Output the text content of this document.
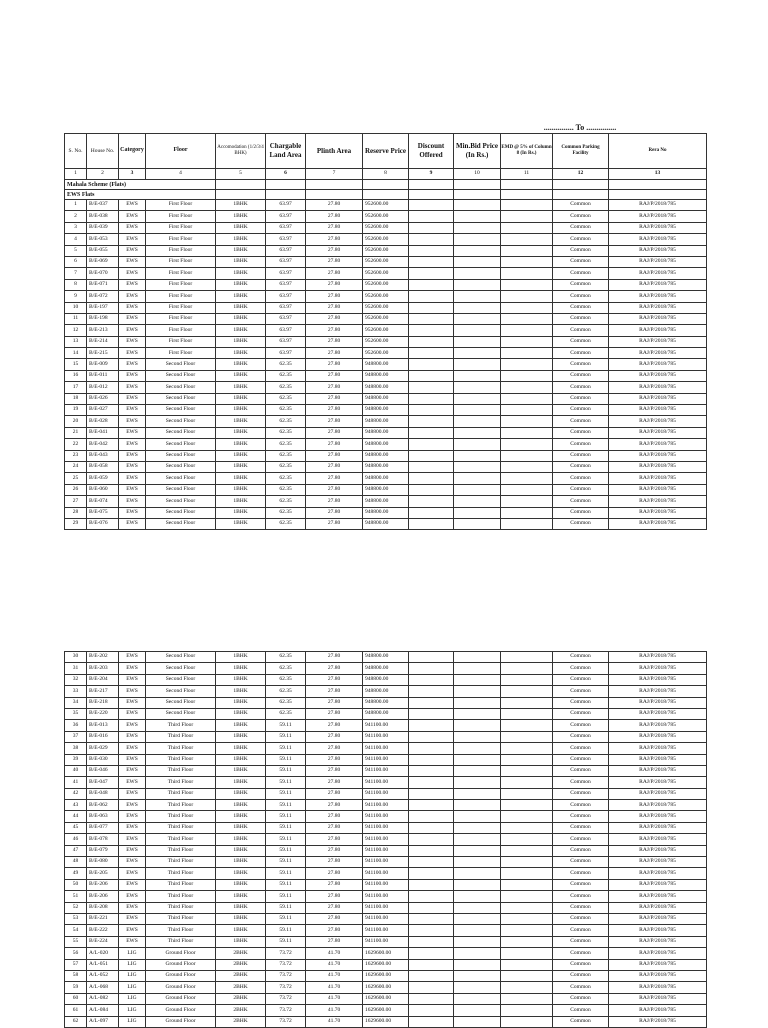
............... To ...............
S. No.	House No.	Category	Floor	Accomodation (1/2/3/4 BHK)	Chargable Land Area	Plinth Area	Reserve Price	Discount Offered	Min.Bid Price (In Rs.)	EMD @ 5% of Column 8 (In Rs.)	Common Parking Facility	Rera No
1	2	3	4	5	6	7	8	9	10	11	12	13
Mahala Scheme (Flats)												
EWS Flats												
1	B/E-037	EWS	First Floor	1BHK	63.97	27.80	952600.00				Common	RAJ/P/2018/785
2	B/E-038	EWS	First Floor	1BHK	63.97	27.80	952600.00				Common	RAJ/P/2018/785
3	B/E-039	EWS	First Floor	1BHK	63.97	27.80	952600.00				Common	RAJ/P/2018/785
4	B/E-053	EWS	First Floor	1BHK	63.97	27.80	952600.00				Common	RAJ/P/2018/785
5	B/E-055	EWS	First Floor	1BHK	63.97	27.80	952600.00				Common	RAJ/P/2018/785
6	B/E-069	EWS	First Floor	1BHK	63.97	27.80	952600.00				Common	RAJ/P/2018/785
7	B/E-070	EWS	First Floor	1BHK	63.97	27.80	952600.00				Common	RAJ/P/2018/785
8	B/E-071	EWS	First Floor	1BHK	63.97	27.80	952600.00				Common	RAJ/P/2018/785
9	B/E-072	EWS	First Floor	1BHK	63.97	27.80	952600.00				Common	RAJ/P/2018/785
10	B/E-197	EWS	First Floor	1BHK	63.97	27.80	952600.00				Common	RAJ/P/2018/785
11	B/E-198	EWS	First Floor	1BHK	63.97	27.80	952600.00				Common	RAJ/P/2018/785
12	B/E-213	EWS	First Floor	1BHK	63.97	27.80	952600.00				Common	RAJ/P/2018/785
13	B/E-214	EWS	First Floor	1BHK	63.97	27.80	952600.00				Common	RAJ/P/2018/785
14	B/E-215	EWS	First Floor	1BHK	63.97	27.80	952600.00				Common	RAJ/P/2018/785
15	B/E-009	EWS	Second Floor	1BHK	62.35	27.80	948800.00				Common	RAJ/P/2018/785
16	B/E-011	EWS	Second Floor	1BHK	62.35	27.80	948800.00				Common	RAJ/P/2018/785
17	B/E-012	EWS	Second Floor	1BHK	62.35	27.80	948800.00				Common	RAJ/P/2018/785
18	B/E-026	EWS	Second Floor	1BHK	62.35	27.80	948800.00				Common	RAJ/P/2018/785
19	B/E-027	EWS	Second Floor	1BHK	62.35	27.80	948800.00				Common	RAJ/P/2018/785
20	B/E-028	EWS	Second Floor	1BHK	62.35	27.80	948800.00				Common	RAJ/P/2018/785
21	B/E-041	EWS	Second Floor	1BHK	62.35	27.80	948800.00				Common	RAJ/P/2018/785
22	B/E-042	EWS	Second Floor	1BHK	62.35	27.80	948800.00				Common	RAJ/P/2018/785
23	B/E-043	EWS	Second Floor	1BHK	62.35	27.80	948800.00				Common	RAJ/P/2018/785
24	B/E-058	EWS	Second Floor	1BHK	62.35	27.80	948800.00				Common	RAJ/P/2018/785
25	B/E-059	EWS	Second Floor	1BHK	62.35	27.80	948800.00				Common	RAJ/P/2018/785
26	B/E-060	EWS	Second Floor	1BHK	62.35	27.80	948800.00				Common	RAJ/P/2018/785
27	B/E-074	EWS	Second Floor	1BHK	62.35	27.80	948800.00				Common	RAJ/P/2018/785
28	B/E-075	EWS	Second Floor	1BHK	62.35	27.80	948800.00				Common	RAJ/P/2018/785
29	B/E-076	EWS	Second Floor	1BHK	62.35	27.80	948800.00				Common	RAJ/P/2018/785
30	B/E-202	EWS	Second Floor	1BHK	62.35	27.80	948800.00				Common	RAJ/P/2018/785
31	B/E-203	EWS	Second Floor	1BHK	62.35	27.80	948800.00				Common	RAJ/P/2018/785
32	B/E-204	EWS	Second Floor	1BHK	62.35	27.80	948800.00				Common	RAJ/P/2018/785
33	B/E-217	EWS	Second Floor	1BHK	62.35	27.80	948800.00				Common	RAJ/P/2018/785
34	B/E-218	EWS	Second Floor	1BHK	62.35	27.80	948800.00				Common	RAJ/P/2018/785
35	B/E-220	EWS	Second Floor	1BHK	62.35	27.80	948800.00				Common	RAJ/P/2018/785
36	B/E-013	EWS	Third Floor	1BHK	59.11	27.80	941100.00				Common	RAJ/P/2018/785
37	B/E-016	EWS	Third Floor	1BHK	59.11	27.80	941100.00				Common	RAJ/P/2018/785
38	B/E-029	EWS	Third Floor	1BHK	59.11	27.80	941100.00				Common	RAJ/P/2018/785
39	B/E-030	EWS	Third Floor	1BHK	59.11	27.80	941100.00				Common	RAJ/P/2018/785
40	B/E-046	EWS	Third Floor	1BHK	59.11	27.80	941100.00				Common	RAJ/P/2018/785
41	B/E-047	EWS	Third Floor	1BHK	59.11	27.80	941100.00				Common	RAJ/P/2018/785
42	B/E-048	EWS	Third Floor	1BHK	59.11	27.80	941100.00				Common	RAJ/P/2018/785
43	B/E-062	EWS	Third Floor	1BHK	59.11	27.80	941100.00				Common	RAJ/P/2018/785
44	B/E-063	EWS	Third Floor	1BHK	59.11	27.80	941100.00				Common	RAJ/P/2018/785
45	B/E-077	EWS	Third Floor	1BHK	59.11	27.80	941100.00				Common	RAJ/P/2018/785
46	B/E-078	EWS	Third Floor	1BHK	59.11	27.80	941100.00				Common	RAJ/P/2018/785
47	B/E-079	EWS	Third Floor	1BHK	59.11	27.80	941100.00				Common	RAJ/P/2018/785
48	B/E-080	EWS	Third Floor	1BHK	59.11	27.80	941100.00				Common	RAJ/P/2018/785
49	B/E-205	EWS	Third Floor	1BHK	59.11	27.80	941100.00				Common	RAJ/P/2018/785
50	B/E-206	EWS	Third Floor	1BHK	59.11	27.80	941100.00				Common	RAJ/P/2018/785
51	B/E-206	EWS	Third Floor	1BHK	59.11	27.80	941100.00				Common	RAJ/P/2018/785
52	B/E-208	EWS	Third Floor	1BHK	59.11	27.80	941100.00				Common	RAJ/P/2018/785
53	B/E-221	EWS	Third Floor	1BHK	59.11	27.80	941100.00				Common	RAJ/P/2018/785
54	B/E-222	EWS	Third Floor	1BHK	59.11	27.80	941100.00				Common	RAJ/P/2018/785
55	B/E-224	EWS	Third Floor	1BHK	59.11	27.80	941100.00				Common	RAJ/P/2018/785
56	A/L-020	LIG	Ground Floor	2BHK	73.72	41.70	1629600.00				Common	RAJ/P/2018/785
57	A/L-051	LIG	Ground Floor	2BHK	73.72	41.70	1629600.00				Common	RAJ/P/2018/785
58	A/L-052	LIG	Ground Floor	2BHK	73.72	41.70	1629600.00				Common	RAJ/P/2018/785
59	A/L-068	LIG	Ground Floor	2BHK	73.72	41.70	1629600.00				Common	RAJ/P/2018/785
60	A/L-082	LIG	Ground Floor	2BHK	73.72	41.70	1629600.00				Common	RAJ/P/2018/785
61	A/L-084	LIG	Ground Floor	2BHK	73.72	41.70	1629600.00				Common	RAJ/P/2018/785
62	A/L-097	LIG	Ground Floor	2BHK	73.72	41.70	1629600.00				Common	RAJ/P/2018/785
